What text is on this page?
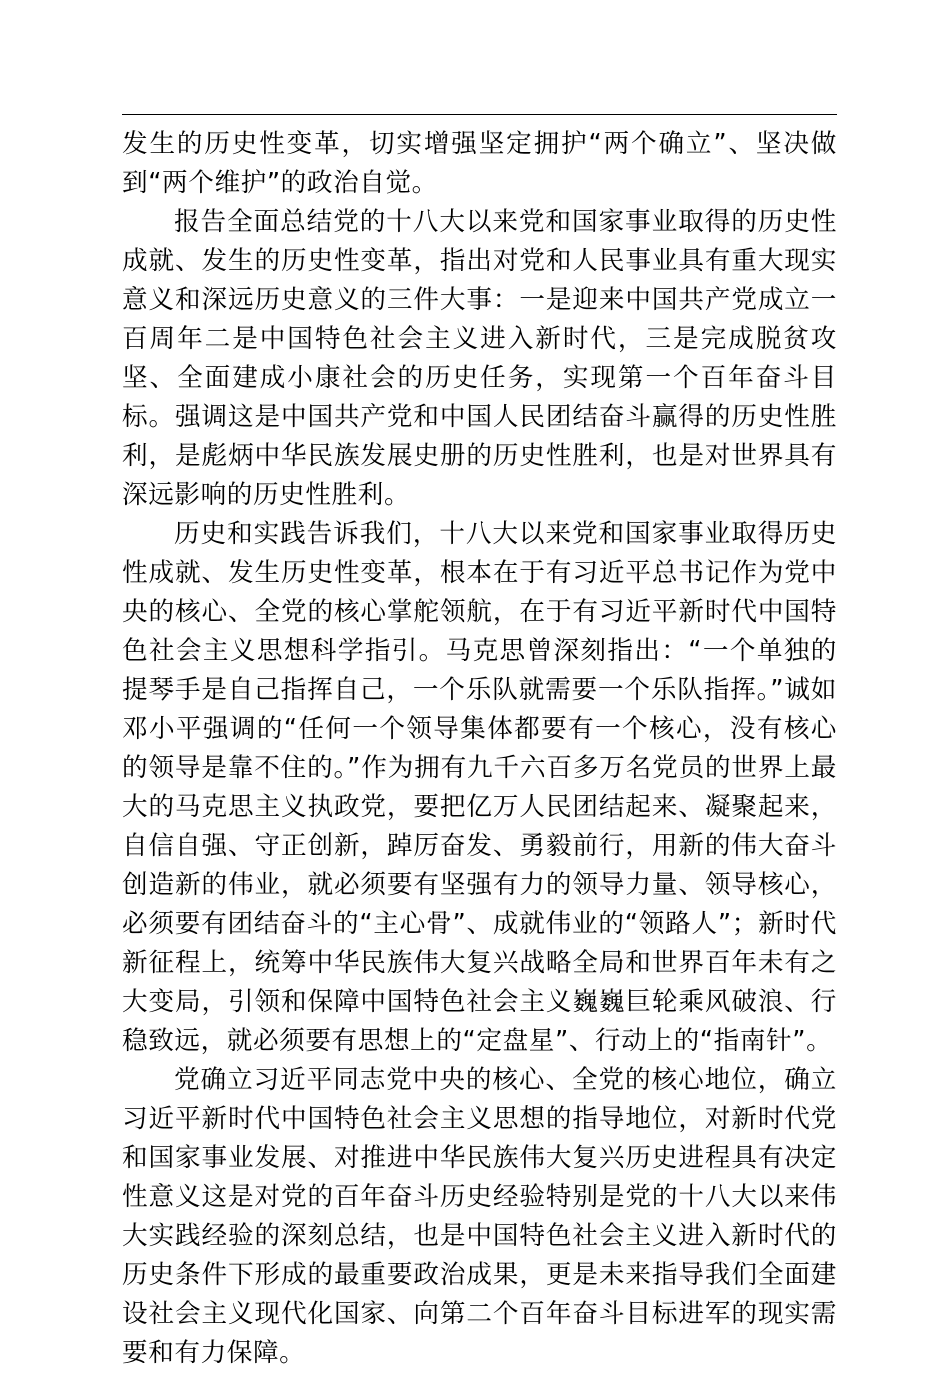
发生的历史性变革，切实增强坚定拥护“两个确立”、坚决做到“两个维护”的政治自觉。

报告全面总结党的十八大以来党和国家事业取得的历史性成就、发生的历史性变革，指出对党和人民事业具有重大现实意义和深远历史意义的三件大事：一是迎来中国共产党成立一百周年二是中国特色社会主义进入新时代，三是完成脱贫攻坚、全面建成小康社会的历史任务，实现第一个百年奋斗目标。强调这是中国共产党和中国人民团结奋斗赢得的历史性胜利，是彪炳中华民族发展史册的历史性胜利，也是对世界具有深远影响的历史性胜利。

历史和实践告诉我们，十八大以来党和国家事业取得历史性成就、发生历史性变革，根本在于有习近平总书记作为党中央的核心、全党的核心掌舵领航，在于有习近平新时代中国特色社会主义思想科学指引。马克思曾深刻指出：“一个单独的提琴手是自己指挥自己，一个乐队就需要一个乐队指挥。”诚如邓小平强调的“任何一个领导集体都要有一个核心，没有核心的领导是靠不住的。”作为拥有九千六百多万名党员的世界上最大的马克思主义执政党，要把亿万人民团结起来、凝聚起来，自信自强、守正创新，踔厉奋发、勇毅前行，用新的伟大奋斗创造新的伟业，就必须要有坚强有力的领导力量、领导核心，必须要有团结奋斗的“主心骨”、成就伟业的“领路人”；新时代新征程上，统筹中华民族伟大复兴战略全局和世界百年未有之大变局，引领和保障中国特色社会主义巍巍巨轮乘风破浪、行稳致远，就必须要有思想上的“定盘星”、行动上的“指南针”。

党确立习近平同志党中央的核心、全党的核心地位，确立习近平新时代中国特色社会主义思想的指导地位，对新时代党和国家事业发展、对推进中华民族伟大复兴历史进程具有决定性意义这是对党的百年奋斗历史经验特别是党的十八大以来伟大实践经验的深刻总结，也是中国特色社会主义进入新时代的历史条件下形成的最重要政治成果，更是未来指导我们全面建设社会主义现代化国家、向第二个百年奋斗目标进军的现实需要和有力保障。
